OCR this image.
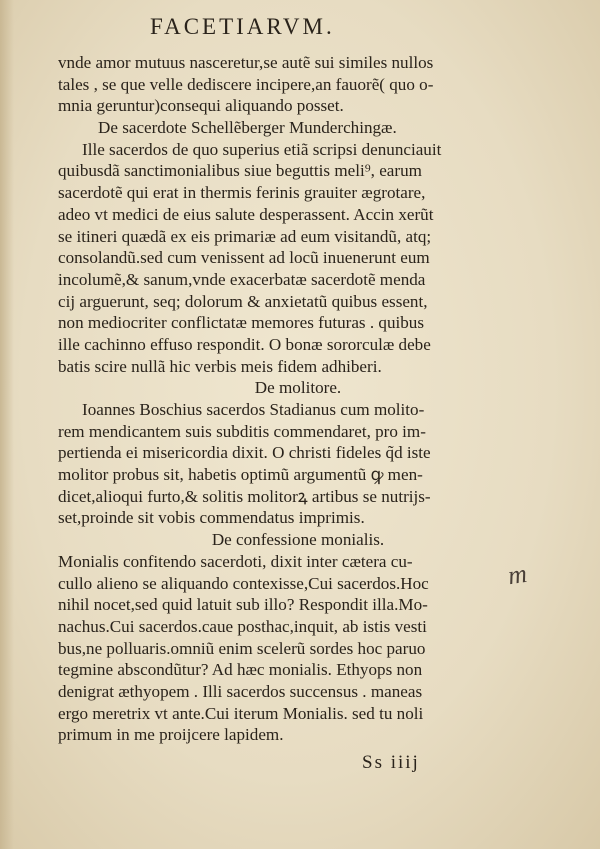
FACETIARVM.
vnde amor mutuus nasceretur,se autẽ sui similes nullos
tales , se que velle dediscere incipere,an fauorẽ( quo o-
mnia geruntur)consequi aliquando posset.
De sacerdote Schellẽberger Munderchingæ.
Ille sacerdos de quo superius etiã scripsi denunciauit
quibusdã sanctimonialibus siue beguttis meli⁹, earum
sacerdotẽ qui erat in thermis ferinis grauiter ægrotare,
adeo vt medici de eius salute desperassent. Accin xerũt
se itineri quædã ex eis primariæ ad eum visitandũ, atq;
consolandũ.sed cum venissent ad locũ inuenerunt eum
incolumẽ,& sanum,vnde exacerbatæ sacerdotẽ menda
cij arguerunt, seq; dolorum & anxietatũ quibus essent,
non mediocriter conflictatæ memores futuras . quibus
ille cachinno effuso respondit. O bonæ sororculæ debe
batis scire nullã hic verbis meis fidem adhiberi.
De molitore.
Ioannes Boschius sacerdos Stadianus cum molito-
rem mendicantem suis subditis commendaret, pro im-
pertienda ei misericordia dixit. O christi fideles q̃d iste
molitor probus sit, habetis optimũ argumentũ ꝙ men-
dicet,alioqui furto,& solitis molitorꝝ artibus se nutrijs-
set,proinde sit vobis commendatus imprimis.
De confessione monialis.
Monialis confitendo sacerdoti, dixit inter cætera cu-
cullo alieno se aliquando contexisse,Cui sacerdos.Hoc
nihil nocet,sed quid latuit sub illo? Respondit illa.Mo-
nachus.Cui sacerdos.caue posthac,inquit, ab istis vesti
bus,ne polluaris.omniũ enim scelerũ sordes hoc paruo
tegmine abscondũtur? Ad hæc monialis. Ethyops non
denigrat æthyopem . Illi sacerdos succensus . maneas
ergo meretrix vt ante.Cui iterum Monialis. sed tu noli
primum in me proijcere lapidem.
m
Ss iiij
